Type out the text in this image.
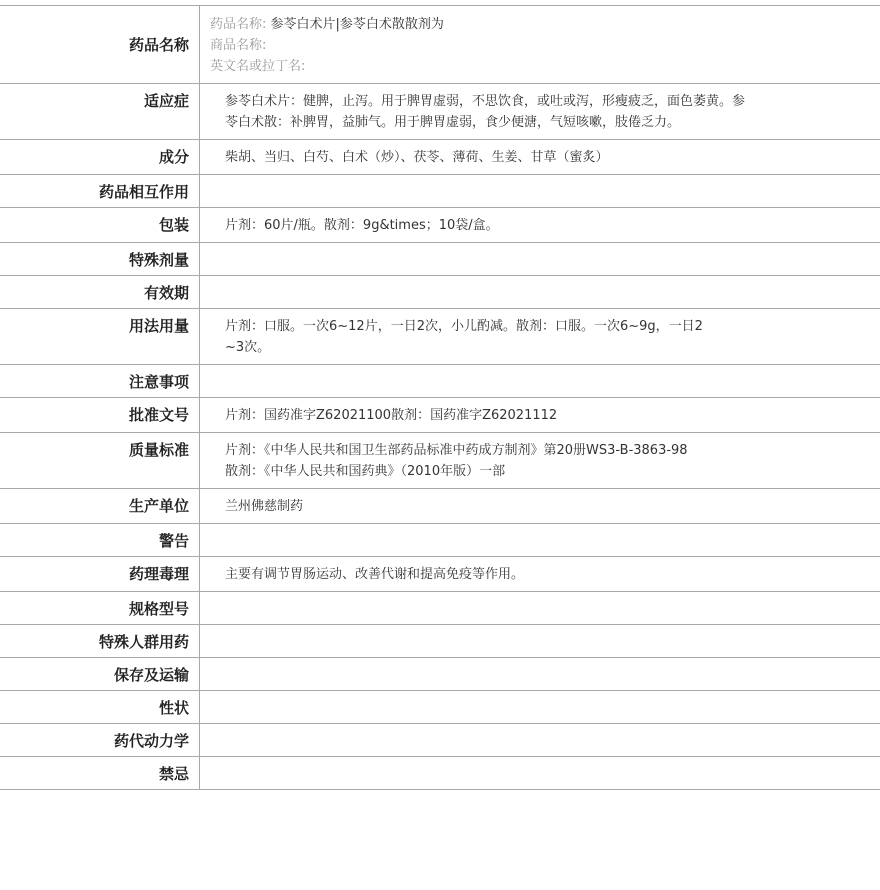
药品名称
药品名称: 参苓白术片|参苓白术散散剂为
商品名称:
英文名或拉丁名:
适应症	参苓白术片：健脾，止泻。用于脾胃虚弱，不思饮食，或吐或泻，形瘦疲乏，面色萎黄。参
苓白术散：补脾胃，益肺气。用于脾胃虚弱，食少便溏，气短咳嗽，肢倦乏力。
成分	柴胡、当归、白芍、白术（炒）、茯苓、薄荷、生姜、甘草（蜜炙）
药品相互作用
包装	片剂：60片/瓶。散剂：9g&times；10袋/盒。
特殊剂量
有效期
用法用量	片剂：口服。一次6~12片，一日2次，小儿酌减。散剂：口服。一次6~9g，一日2
~3次。
注意事项
批准文号	片剂：国药准字Z62021100散剂：国药准字Z62021112
质量标准	片剂：《中华人民共和国卫生部药品标准中药成方制剂》第20册WS3-B-3863-98
散剂：《中华人民共和国药典》（2010年版）一部
生产单位	兰州佛慈制药
警告
药理毒理	主要有调节胃肠运动、改善代谢和提高免疫等作用。
规格型号
特殊人群用药
保存及运输
性状
药代动力学
禁忌
